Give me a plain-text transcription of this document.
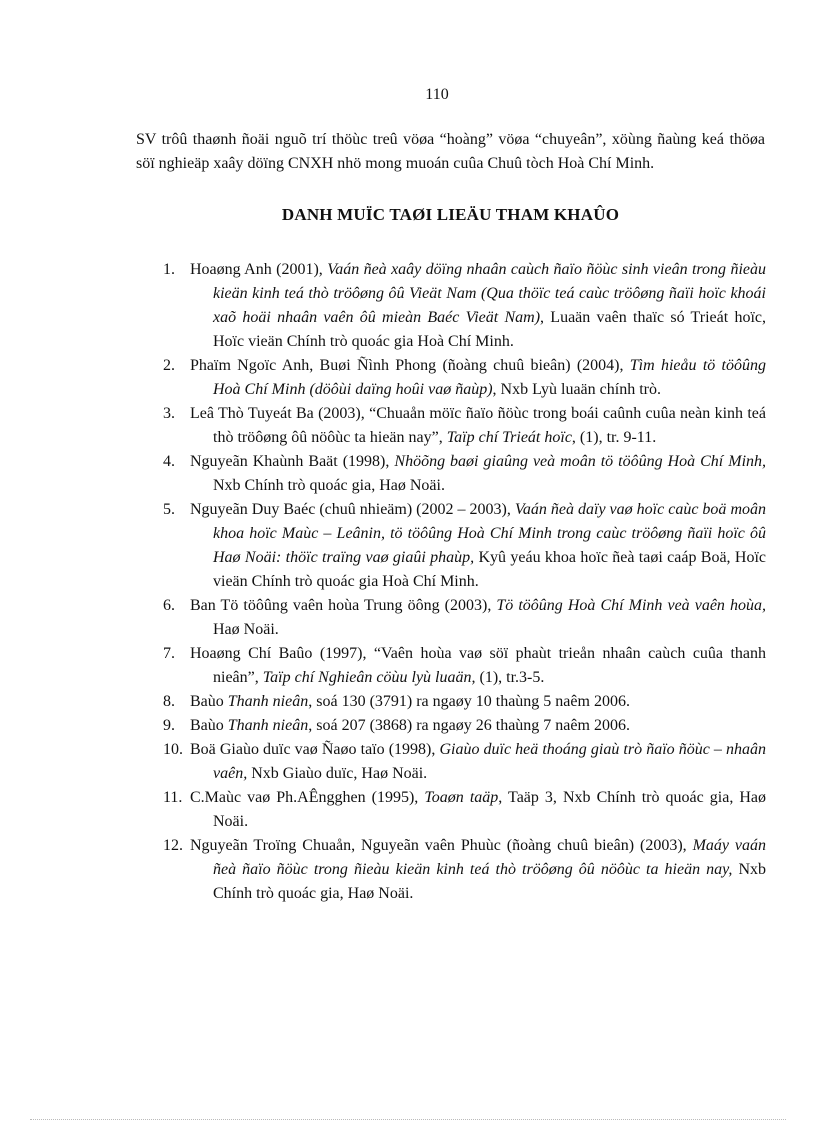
110

SV trôû thaønh ñoäi nguõ trí thöùc treû vöøa “hoàng” vöøa “chuyeân”, xöùng ñaùng keá thöøa söï nghieäp xaây döïng CNXH nhö mong muoán cuûa Chuû tòch Hoà Chí Minh.

DANH MUÏC TAØI LIEÄU THAM KHAÛO
1. Hoaøng Anh (2001), Vaán ñeà xaây döïng nhaân caùch ñaïo ñöùc sinh vieân trong ñieàu kieän kinh teá thò tröôøng ôû Vieät Nam (Qua thöïc teá caùc tröôøng ñaïi hoïc khoái xaõ hoäi nhaân vaên ôû mieàn Baéc Vieät Nam), Luaän vaên thaïc só Trieát hoïc, Hoïc vieän Chính trò quoác gia Hoà Chí Minh.
2. Phaïm Ngoïc Anh, Buøi Ñình Phong (ñoàng chuû bieân) (2004), Tìm hieåu tö töôûng Hoà Chí Minh (döôùi daïng hoûi vaø ñaùp), Nxb Lyù luaän chính trò.
3. Leâ Thò Tuyeát Ba (2003), “Chuaån möïc ñaïo ñöùc trong boái caûnh cuûa neàn kinh teá thò tröôøng ôû nöôùc ta hieän nay”, Taïp chí Trieát hoïc, (1), tr. 9-11.
4. Nguyeãn Khaùnh Baät (1998), Nhöõng baøi giaûng veà moân tö töôûng Hoà Chí Minh, Nxb Chính trò quoác gia, Haø Noäi.
5. Nguyeãn Duy Baéc (chuû nhieäm) (2002 – 2003), Vaán ñeà daïy vaø hoïc caùc boä moân khoa hoïc Maùc – Leânin, tö töôûng Hoà Chí Minh trong caùc tröôøng ñaïi hoïc ôû Haø Noäi: thöïc traïng vaø giaûi phaùp, Kyû yeáu khoa hoïc ñeà taøi caáp Boä, Hoïc vieän Chính trò quoác gia Hoà Chí Minh.
6. Ban Tö töôûng vaên hoùa Trung öông (2003), Tö töôûng Hoà Chí Minh veà vaên hoùa, Haø Noäi.
7. Hoaøng Chí Baûo (1997), “Vaên hoùa vaø söï phaùt trieån nhaân caùch cuûa thanh nieân”, Taïp chí Nghieân cöùu lyù luaän, (1), tr.3-5.
8. Baùo Thanh nieân, soá 130 (3791) ra ngaøy 10 thaùng 5 naêm 2006.
9. Baùo Thanh nieân, soá 207 (3868) ra ngaøy 26 thaùng 7 naêm 2006.
10. Boä Giaùo duïc vaø Ñaøo taïo (1998), Giaùo duïc heä thoáng giaù trò ñaïo ñöùc – nhaân vaên, Nxb Giaùo duïc, Haø Noäi.
11. C.Maùc vaø Ph.AÊngghen (1995), Toaøn taäp, Taäp 3, Nxb Chính trò quoác gia, Haø Noäi.
12. Nguyeãn Troïng Chuaån, Nguyeãn vaên Phuùc (ñoàng chuû bieân) (2003), Maáy vaán ñeà ñaïo ñöùc trong ñieàu kieän kinh teá thò tröôøng ôû nöôùc ta hieän nay, Nxb Chính trò quoác gia, Haø Noäi.
